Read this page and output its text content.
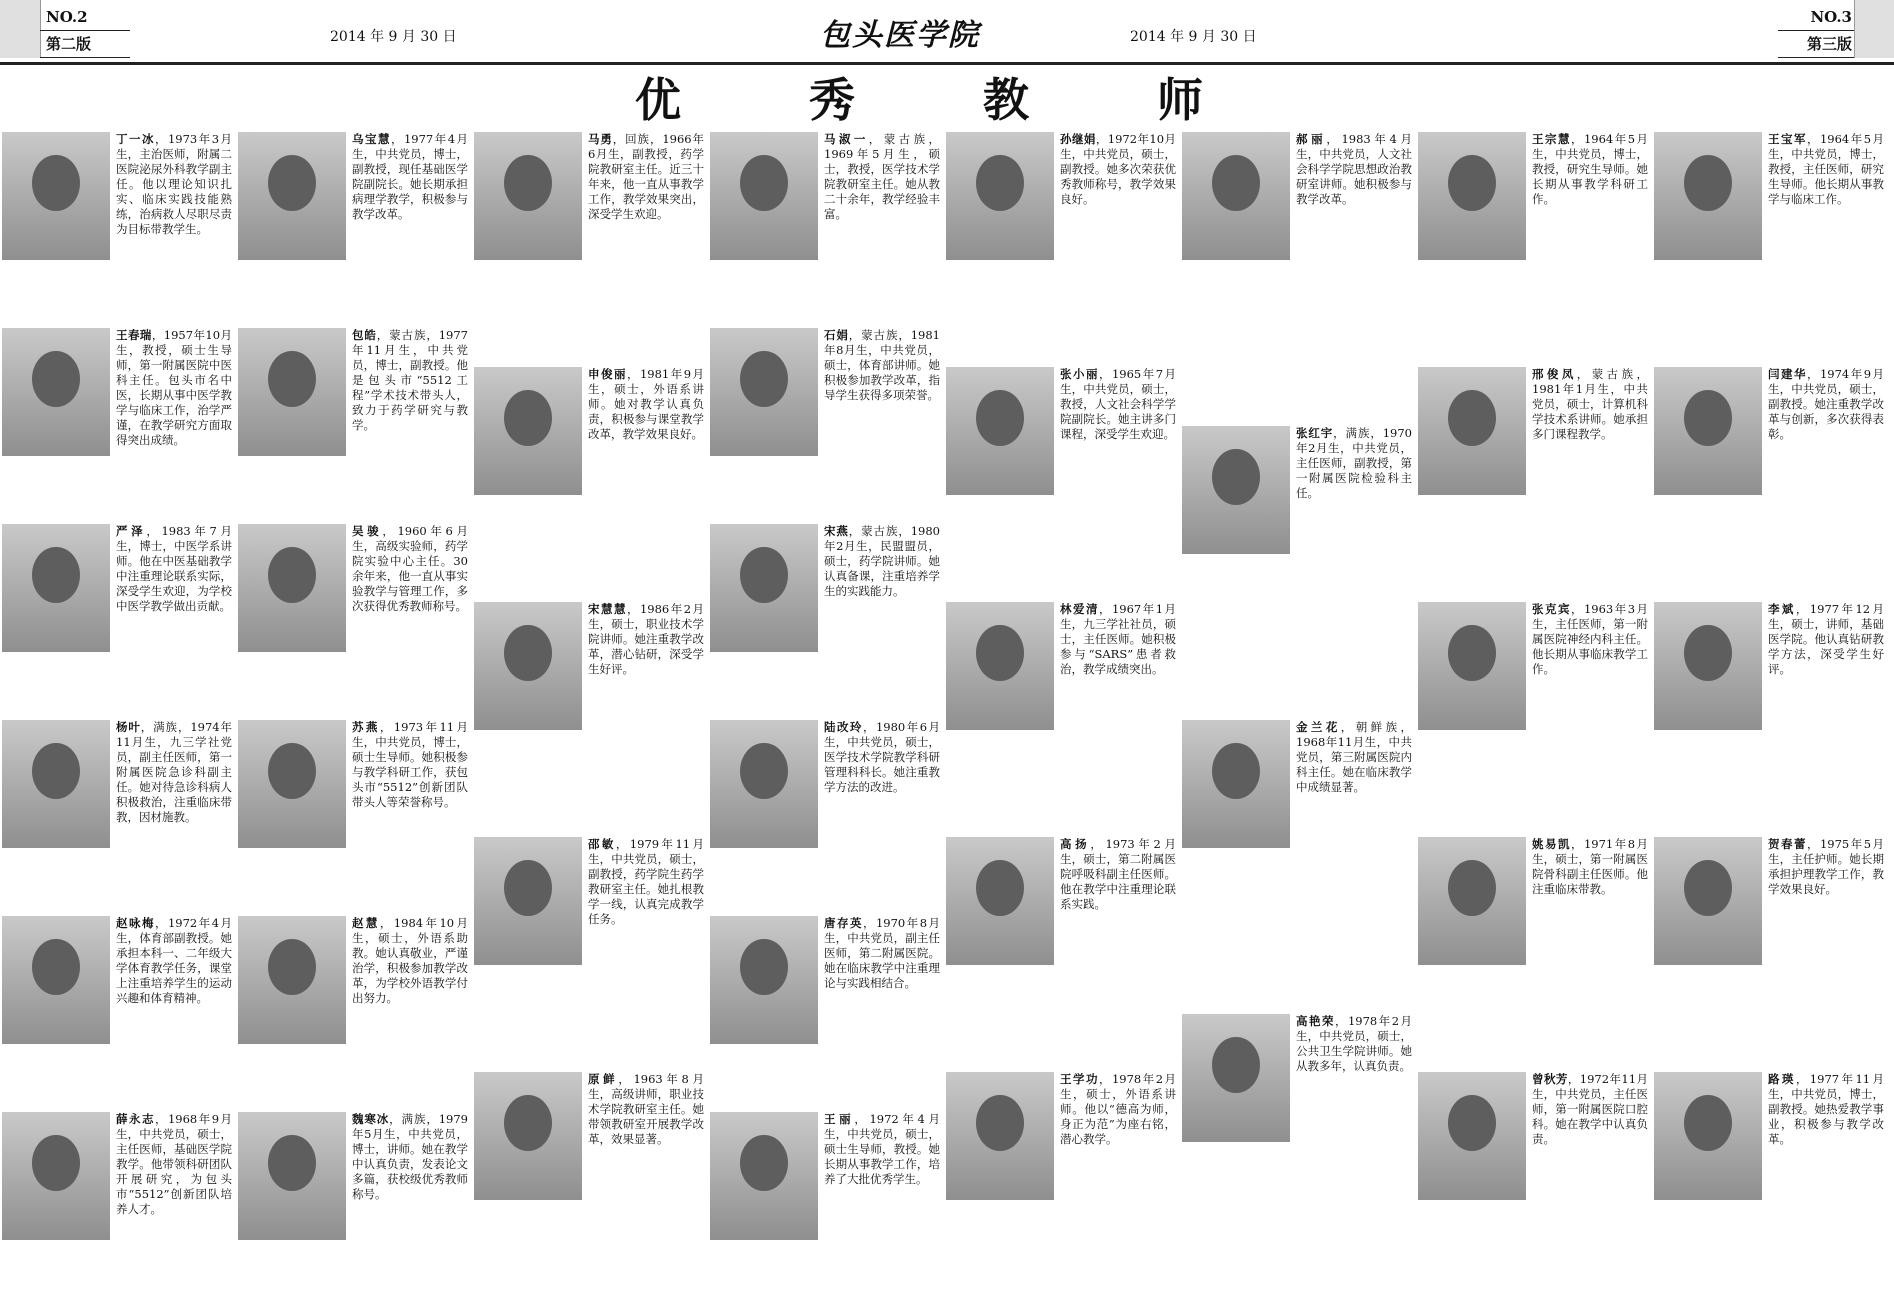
NO.2
第二版	2014 年 9 月 30 日	包头医学院	2014 年 9 月 30 日
NO.3
第三版
优 秀 教 师
丁一冰，1973年3月生，主治医师，附属二医院泌尿外科教学副主任。他以理论知识扎实、临床实践技能熟练，治病救人尽职尽责为目标带教学生。
王春瑞，1957年10月生，教授，硕士生导师，第一附属医院中医科主任。包头市名中医，长期从事中医学教学与临床工作，治学严谨，在教学研究方面取得突出成绩。
严泽，1983年7月生，博士，中医学系讲师。他在中医基础教学中注重理论联系实际，深受学生欢迎，为学校中医学教学做出贡献。
杨叶，满族，1974年11月生，九三学社党员，副主任医师，第一附属医院急诊科副主任。她对待急诊科病人积极救治，注重临床带教，因材施教。
赵咏梅，1972年4月生，体育部副教授。她承担本科一、二年级大学体育教学任务，课堂上注重培养学生的运动兴趣和体育精神。
薛永志，1968年9月生，中共党员，硕士，主任医师，基础医学院教学。他带领科研团队开展研究，为包头市“5512”创新团队培养人才。
乌宝慧，1977年4月生，中共党员，博士，副教授，现任基础医学院副院长。她长期承担病理学教学，积极参与教学改革。
包皓，蒙古族，1977年11月生，中共党员，博士，副教授。他是包头市“5512工程”学术技术带头人，致力于药学研究与教学。
吴骏，1960年6月生，高级实验师，药学院实验中心主任。30余年来，他一直从事实验教学与管理工作，多次获得优秀教师称号。
苏燕，1973年11月生，中共党员，博士，硕士生导师。她积极参与教学科研工作，获包头市“5512”创新团队带头人等荣誉称号。
赵慧，1984年10月生，硕士，外语系助教。她认真敬业，严谨治学，积极参加教学改革，为学校外语教学付出努力。
魏寒冰，满族，1979年5月生，中共党员，博士，讲师。她在教学中认真负责，发表论文多篇，获校级优秀教师称号。
马勇，回族，1966年6月生，副教授，药学院教研室主任。近三十年来，他一直从事教学工作，教学效果突出，深受学生欢迎。
申俊丽，1981年9月生，硕士，外语系讲师。她对教学认真负责，积极参与课堂教学改革，教学效果良好。
宋慧慧，1986年2月生，硕士，职业技术学院讲师。她注重教学改革，潜心钻研，深受学生好评。
邵敏，1979年11月生，中共党员，硕士，副教授，药学院生药学教研室主任。她扎根教学一线，认真完成教学任务。
原鲜，1963年8月生，高级讲师，职业技术学院教研室主任。她带领教研室开展教学改革，效果显著。
马淑一，蒙古族，1969年5月生，硕士，教授，医学技术学院教研室主任。她从教二十余年，教学经验丰富。
石娟，蒙古族，1981年8月生，中共党员，硕士，体育部讲师。她积极参加教学改革，指导学生获得多项荣誉。
宋燕，蒙古族，1980年2月生，民盟盟员，硕士，药学院讲师。她认真备课，注重培养学生的实践能力。
陆改玲，1980年6月生，中共党员，硕士，医学技术学院教学科研管理科科长。她注重教学方法的改进。
唐存英，1970年8月生，中共党员，副主任医师，第二附属医院。她在临床教学中注重理论与实践相结合。
王丽，1972年4月生，中共党员，硕士，硕士生导师，教授。她长期从事教学工作，培养了大批优秀学生。
孙继娟，1972年10月生，中共党员，硕士，副教授。她多次荣获优秀教师称号，教学效果良好。
张小丽，1965年7月生，中共党员，硕士，教授，人文社会科学学院副院长。她主讲多门课程，深受学生欢迎。
林爱清，1967年1月生，九三学社社员，硕士，主任医师。她积极参与“SARS”患者救治，教学成绩突出。
高扬，1973年2月生，硕士，第二附属医院呼吸科副主任医师。他在教学中注重理论联系实践。
王学功，1978年2月生，硕士，外语系讲师。他以“德高为师，身正为范”为座右铭，潜心教学。
郝丽，1983年4月生，中共党员，人文社会科学学院思想政治教研室讲师。她积极参与教学改革。
张红宇，满族，1970年2月生，中共党员，主任医师，副教授，第一附属医院检验科主任。
金兰花，朝鲜族，1968年11月生，中共党员，第三附属医院内科主任。她在临床教学中成绩显著。
高艳荣，1978年2月生，中共党员，硕士，公共卫生学院讲师。她从教多年，认真负责。
王宗慧，1964年5月生，中共党员，博士，教授，研究生导师。她长期从事教学科研工作。
邢俊凤，蒙古族，1981年1月生，中共党员，硕士，计算机科学技术系讲师。她承担多门课程教学。
张克宾，1963年3月生，主任医师，第一附属医院神经内科主任。他长期从事临床教学工作。
姚易凯，1971年8月生，硕士，第一附属医院骨科副主任医师。他注重临床带教。
曾秋芳，1972年11月生，中共党员，主任医师，第一附属医院口腔科。她在教学中认真负责。
王宝军，1964年5月生，中共党员，博士，教授，主任医师，研究生导师。他长期从事教学与临床工作。
闫建华，1974年9月生，中共党员，硕士，副教授。她注重教学改革与创新，多次获得表彰。
李斌，1977年12月生，硕士，讲师，基础医学院。他认真钻研教学方法，深受学生好评。
贺春蕾，1975年5月生，主任护师。她长期承担护理教学工作，教学效果良好。
路瑛，1977年11月生，中共党员，博士，副教授。她热爱教学事业，积极参与教学改革。
